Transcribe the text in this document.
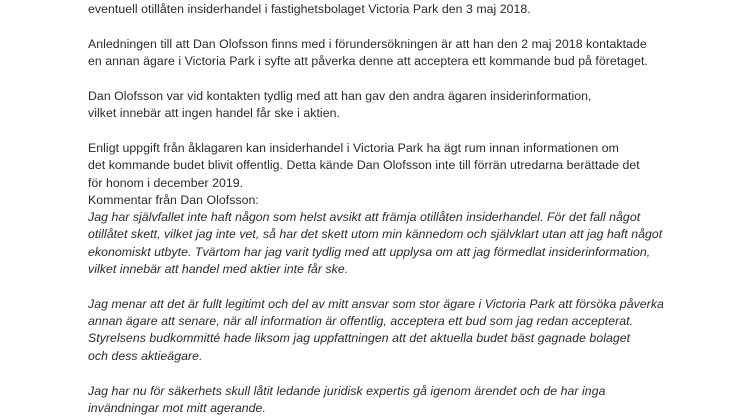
eventuell otillåten insiderhandel i fastighetsbolaget Victoria Park den 3 maj 2018.

Anledningen till att Dan Olofsson finns med i förundersökningen är att han den 2 maj 2018 kontaktade
en annan ägare i Victoria Park i syfte att påverka denne att acceptera ett kommande bud på företaget.

Dan Olofsson var vid kontakten tydlig med att han gav den andra ägaren insiderinformation,
vilket innebär att ingen handel får ske i aktien.

Enligt uppgift från åklagaren kan insiderhandel i Victoria Park ha ägt rum innan informationen om
det kommande budet blivit offentlig. Detta kände Dan Olofsson inte till förrän utredarna berättade det
för honom i december 2019.

Kommentar från Dan Olofsson:

Jag har självfallet inte haft någon som helst avsikt att främja otillåten insiderhandel. För det fall något
otillåtet skett, vilket jag inte vet, så har det skett utom min kännedom och självklart utan att jag haft något
ekonomiskt utbyte. Tvärtom har jag varit tydlig med att upplysa om att jag förmedlat insiderinformation,
vilket innebär att handel med aktier inte får ske.

Jag menar att det är fullt legitimt och del av mitt ansvar som stor ägare i Victoria Park att försöka påverka
annan ägare att senare, när all information är offentlig, acceptera ett bud som jag redan accepterat.
Styrelsens budkommitté hade liksom jag uppfattningen att det aktuella budet bäst gagnade bolaget
och dess aktieägare.

Jag har nu för säkerhets skull låtit ledande juridisk expertis gå igenom ärendet och de har inga
invändningar mot mitt agerande.
